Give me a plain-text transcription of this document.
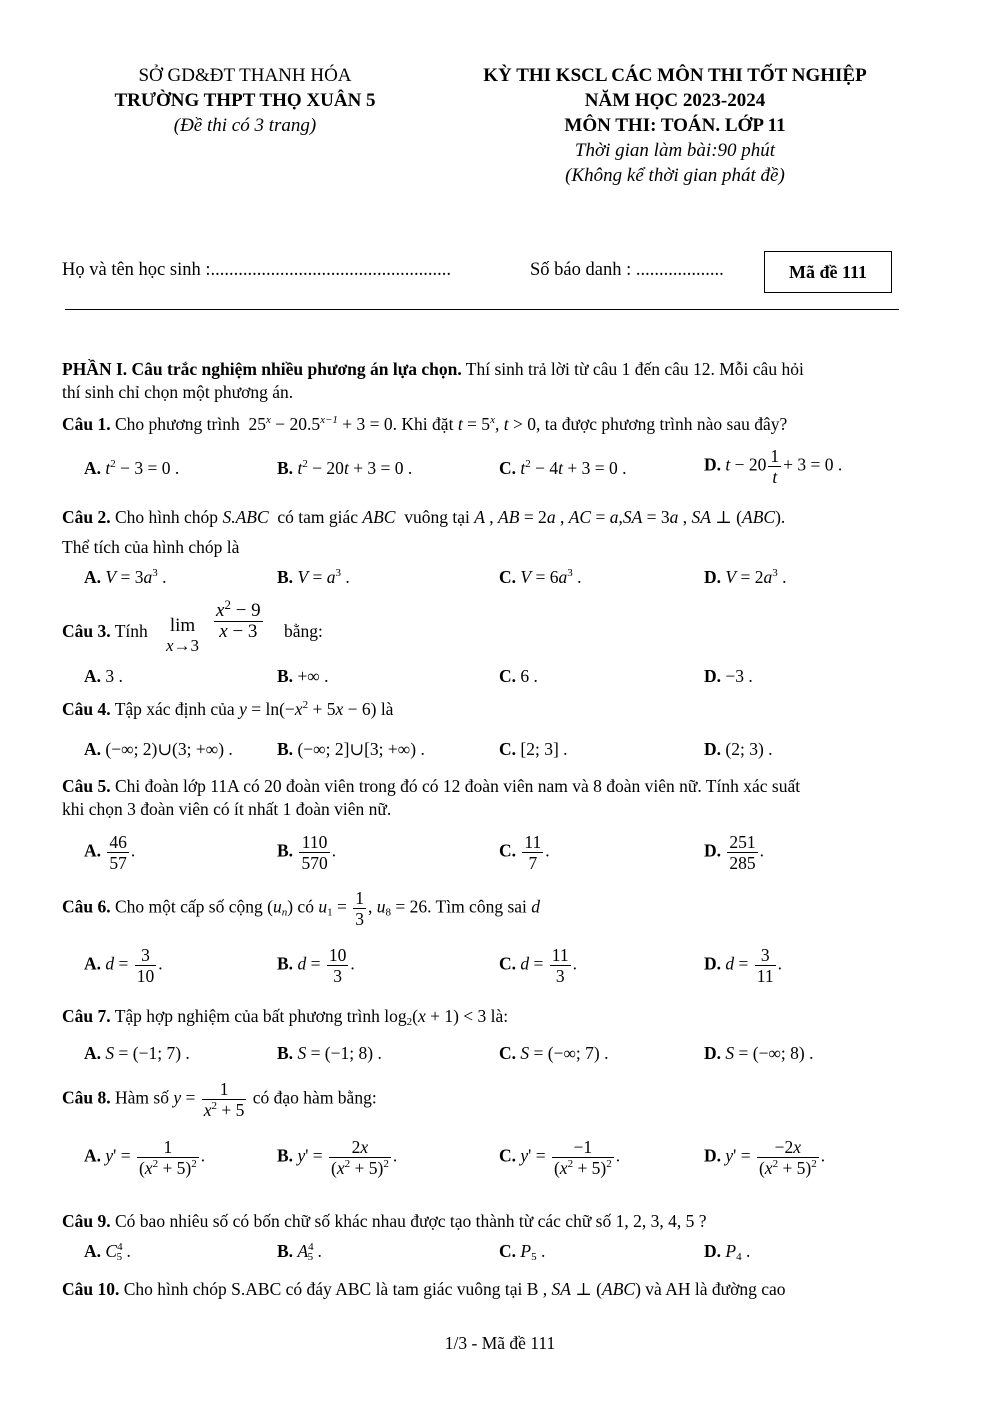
SỞ GD&ĐT THANH HÓA
TRƯỜNG THPT THỌ XUÂN 5
(Đề thi có 3 trang)
KỲ THI KSCL CÁC MÔN THI TỐT NGHIỆP
NĂM HỌC 2023-2024
MÔN THI: TOÁN. LỚP 11
Thời gian làm bài:90 phút
(Không kể thời gian phát đề)
Họ và tên học sinh :....................................................	Số báo danh : ...................	Mã đề 111
PHẦN I. Câu trắc nghiệm nhiều phương án lựa chọn. Thí sinh trả lời từ câu 1 đến câu 12. Mỗi câu hỏi
thí sinh chỉ chọn một phương án.
Câu 1. Cho phương trình  $25^x - 20.5^{x-1} + 3 = 0$. Khi đặt $t = 5^x$, t > 0, ta được phương trình nào sau đây?
A. $t^2 - 3 = 0$ .	B. $t^2 - 20t + 3 = 0$ .	C. $t^2 - 4t + 3 = 0$ .	D. $t - 20 \frac{1}{t} + 3 = 0$ .
Câu 2. Cho hình chóp S.ABC có tam giác ABC vuông tại A , AB = 2a , AC = a,SA = 3a , SA ⊥ (ABC).
Thể tích của hình chóp là
A. $V = 3a^3$ .	B. $V = a^3$ .	C. $V = 6a^3$ .	D. $V = 2a^3$ .
Câu 3. Tính lim
x→3
$\frac{x^2 - 9}{x - 3}$ bằng:
A. 3 .	B. +∞ .	C. 6 .	D. −3 .
Câu 4. Tập xác định của $y = \ln(-x^2 + 5x - 6)$ là
A. (−∞; 2)∪(3; +∞) .	B. (−∞; 2]∪[3; +∞) .	C. [2; 3] .	D. (2; 3) .
Câu 5. Chi đoàn lớp 11A có 20 đoàn viên trong đó có 12 đoàn viên nam và 8 đoàn viên nữ. Tính xác suất
khi chọn 3 đoàn viên có ít nhất 1 đoàn viên nữ.
A. $\frac{46}{57}$ .	B. $\frac{110}{570}$ .	C. $\frac{11}{7}$ .	D. $\frac{251}{285}$ .
Câu 6. Cho một cấp số cộng $(u_n)$ có $u_1 = \frac{1}{3}$ , $u_8 = 26$. Tìm công sai d
A. $d = \frac{3}{10}$ .	B. $d = \frac{10}{3}$ .	C. $d = \frac{11}{3}$ .	D. $d = \frac{3}{11}$ .
Câu 7. Tập hợp nghiệm của bất phương trình $\log_2(x + 1) < 3$ là:
A. S = (−1; 7) .	B. S = (−1; 8) .	C. S = (−∞; 7) .	D. S = (−∞; 8) .
Câu 8. Hàm số $y = \frac{1}{x^2 + 5}$ có đạo hàm bằng:
A. $y' = \frac{1}{(x^2 + 5)^2}$ .	B. $y' = \frac{2x}{(x^2 + 5)^2}$ .	C. $y' = \frac{-1}{(x^2 + 5)^2}$ .	D. $y' = \frac{-2x}{(x^2 + 5)^2}$ .
Câu 9. Có bao nhiêu số có bốn chữ số khác nhau được tạo thành từ các chữ số 1, 2, 3, 4, 5 ?
A. $C^4_5$ .	B. $A^4_5$ .	C. $P_5$ .	D. $P_4$ .
Câu 10. Cho hình chóp S.ABC có đáy ABC là tam giác vuông tại B , SA ⊥ (ABC) và AH là đường cao
1/3 - Mã đề 111
